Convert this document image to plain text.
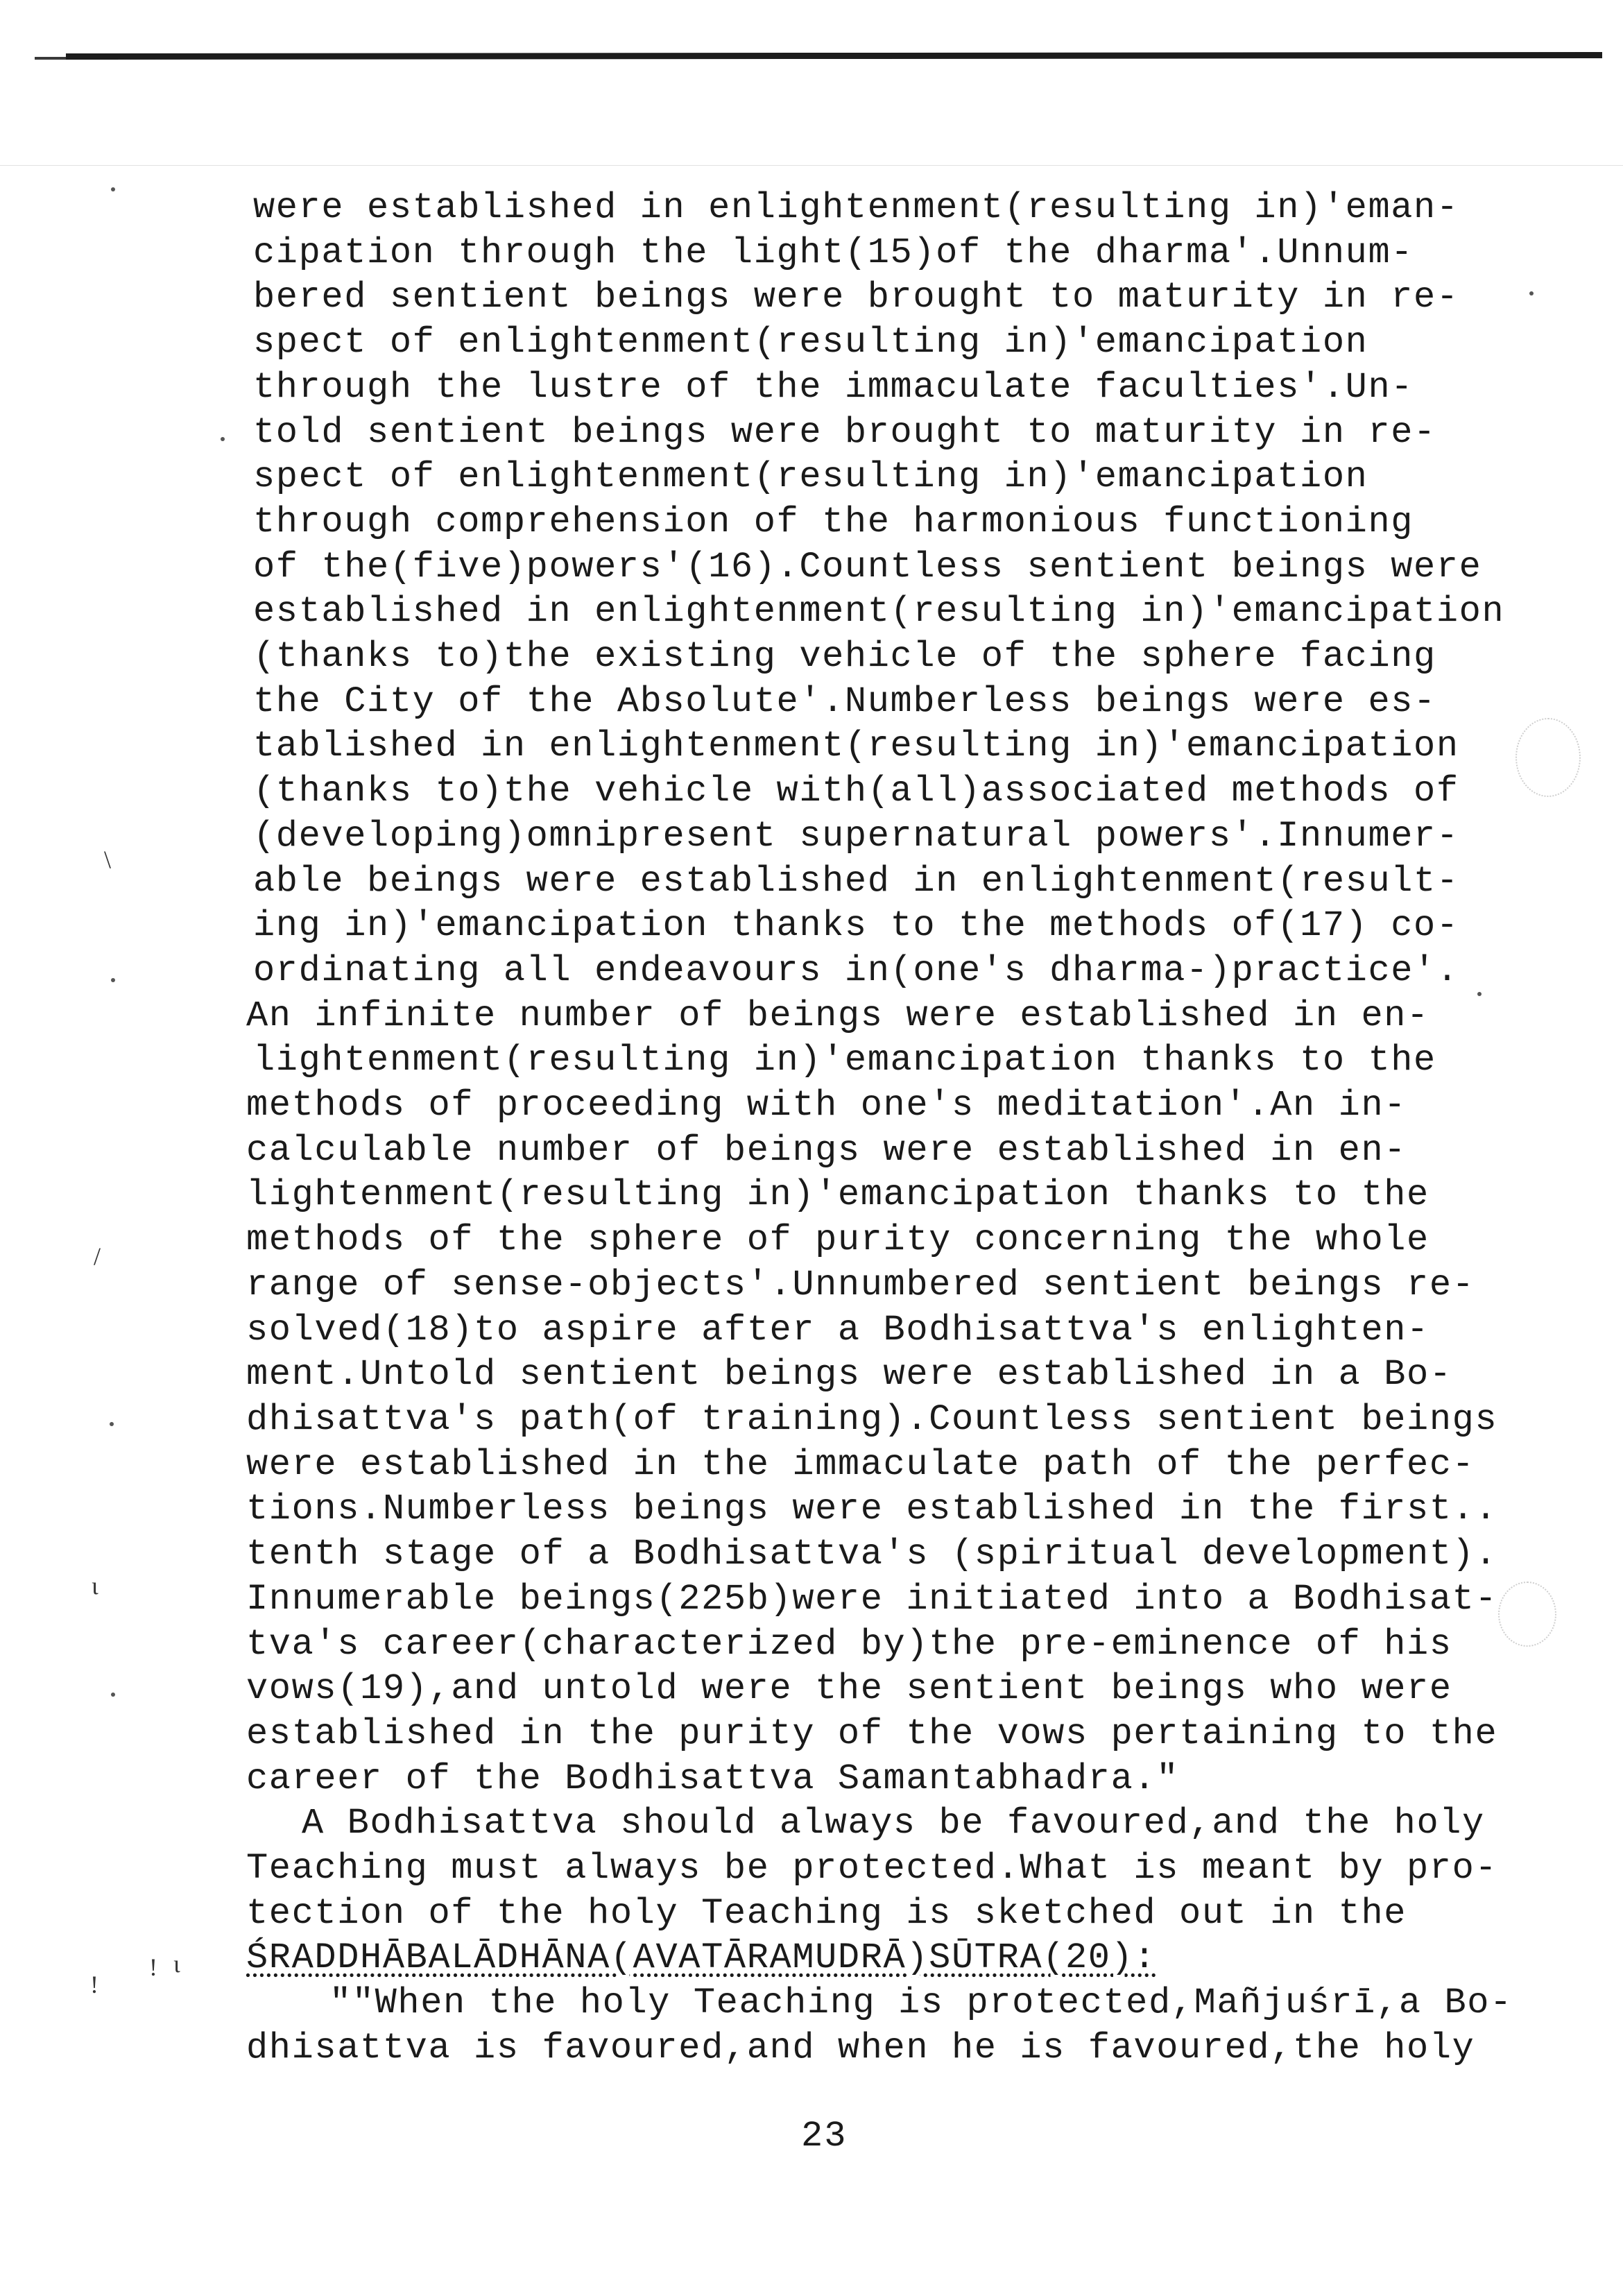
\
/
ι
!
! ι
were established in enlightenment(resulting in)'eman-
cipation through the light(15)of the dharma'.Unnum-
bered sentient beings were brought to maturity in re-
spect of enlightenment(resulting in)'emancipation
through the lustre of the immaculate faculties'.Un-
told sentient beings were brought to maturity in re-
spect of enlightenment(resulting in)'emancipation
through comprehension of the harmonious functioning
of the(five)powers'(16).Countless sentient beings were
established in enlightenment(resulting in)'emancipation
(thanks to)the existing vehicle of the sphere facing
the City of the Absolute'.Numberless beings were es-
tablished in enlightenment(resulting in)'emancipation
(thanks to)the vehicle with(all)associated methods of
(developing)omnipresent supernatural powers'.Innumer-
able beings were established in enlightenment(result-
ing in)'emancipation thanks to the methods of(17) co-
ordinating all endeavours in(one's dharma-)practice'.
An infinite number of beings were established in en-
lightenment(resulting in)'emancipation thanks to the
methods of proceeding with one's meditation'.An in-
calculable number of beings were established in en-
lightenment(resulting in)'emancipation thanks to the
methods of the sphere of purity concerning the whole
range of sense-objects'.Unnumbered sentient beings re-
solved(18)to aspire after a Bodhisattva's enlighten-
ment.Untold sentient beings were established in a Bo-
dhisattva's path(of training).Countless sentient beings
were established in the immaculate path of the perfec-
tions.Numberless beings were established in the first..
tenth stage of a Bodhisattva's (spiritual development).
Innumerable beings(225b)were initiated into a Bodhisat-
tva's career(characterized by)the pre-eminence of his
vows(19),and untold were the sentient beings who were
established in the purity of the vows pertaining to the
career of the Bodhisattva Samantabhadra."
A Bodhisattva should always be favoured,and the holy
Teaching must always be protected.What is meant by pro-
tection of the holy Teaching is sketched out in the
ŚRADDHĀBALĀDHĀNA(AVATĀRAMUDRĀ)SŪTRA(20):
""When the holy Teaching is protected,Mañjuśrī,a Bo-
dhisattva is favoured,and when he is favoured,the holy
23
